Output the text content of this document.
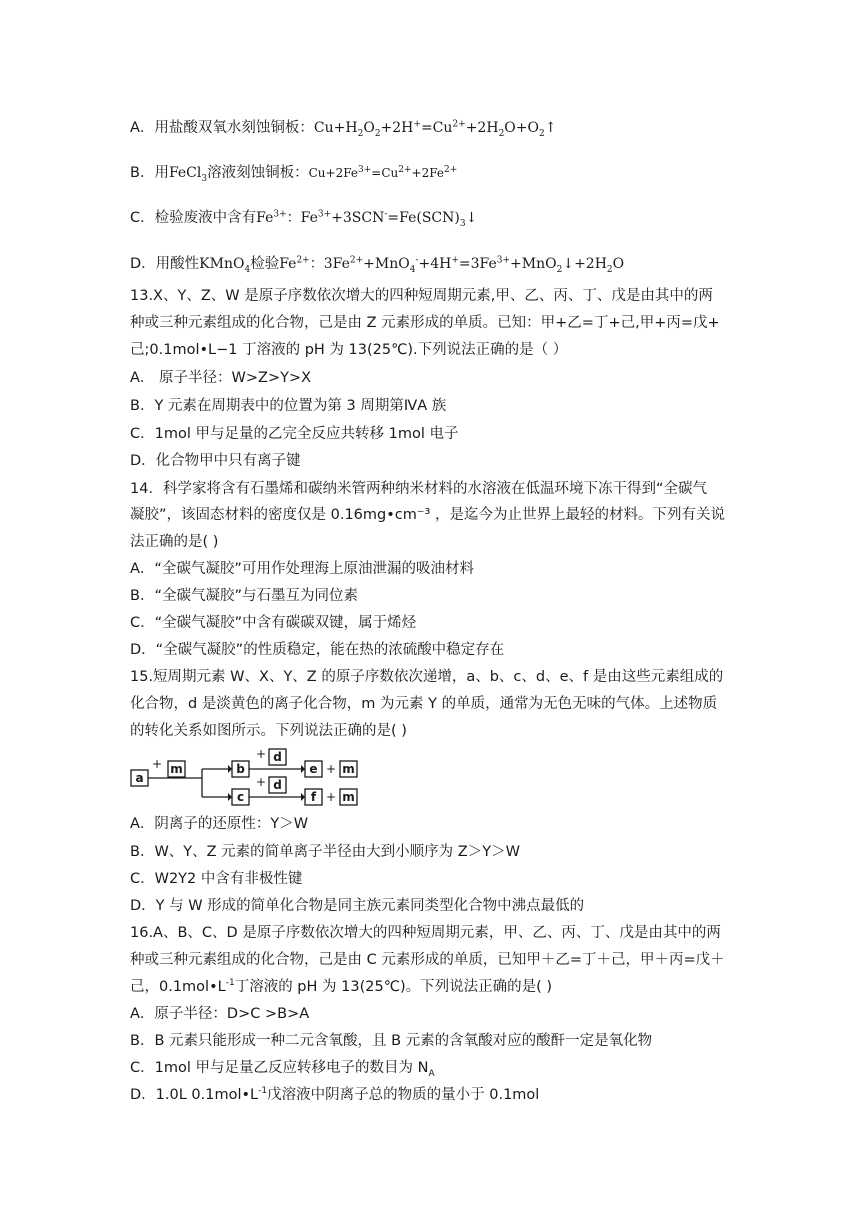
A．用盐酸双氧水刻蚀铜板：$Cu+H_2O_2+2H^+=Cu^{2+}+2H_2O+O_2↑$
B．用FeCl$_3$溶液刻蚀铜板：$Cu+2Fe^{3+}=Cu^{2+}+2Fe^{2+}$
C．检验废液中含有$Fe^{3+}$：$Fe^{3+}+3SCN^-=Fe(SCN)_3↓$
D．用酸性KMnO$_4$检验$Fe^{2+}$：$3Fe^{2+}+MnO_4^-+4H^+=3Fe^{3+}+MnO_2↓+2H_2O$
13.X、Y、Z、W 是原子序数依次增大的四种短周期元素,甲、乙、丙、丁、戊是由其中的两
种或三种元素组成的化合物，己是由 Z 元素形成的单质。已知：甲+乙=丁+己,甲+丙=戊+
己;0.1mol•L−1 丁溶液的 pH 为 13(25℃).下列说法正确的是（ ）
A． 原子半径：W>Z>Y>X
B．Y 元素在周期表中的位置为第 3 周期第ⅣA 族
C．1mol 甲与足量的乙完全反应共转移 1mol 电子
D．化合物甲中只有离子键
14．科学家将含有石墨烯和碳纳米管两种纳米材料的水溶液在低温环境下冻干得到“全碳气
凝胶”，该固态材料的密度仅是 0.16mg•cm⁻³ ，是迄今为止世界上最轻的材料。下列有关说
法正确的是( )
A．“全碳气凝胶”可用作处理海上原油泄漏的吸油材料
B．“全碳气凝胶”与石墨互为同位素
C．“全碳气凝胶”中含有碳碳双键，属于烯烃
D．“全碳气凝胶”的性质稳定，能在热的浓硫酸中稳定存在
15.短周期元素 W、X、Y、Z 的原子序数依次递增，a、b、c、d、e、f 是由这些元素组成的
化合物，d 是淡黄色的离子化合物，m 为元素 Y 的单质，通常为无色无味的气体。上述物质
的转化关系如图所示。下列说法正确的是( )
a
+ m	b
c
+ d
+ d
e
f
+ m
+ m
A．阴离子的还原性：Y＞W
B．W、Y、Z 元素的简单离子半径由大到小顺序为 Z＞Y＞W
C．W2Y2 中含有非极性键
D．Y 与 W 形成的简单化合物是同主族元素同类型化合物中沸点最低的
16.A、B、C、D 是原子序数依次增大的四种短周期元素，甲、乙、丙、丁、戊是由其中的两
种或三种元素组成的化合物，己是由 C 元素形成的单质，已知甲＋乙=丁＋己，甲＋丙=戊＋
己，$0.1mol•L^{-1}$丁溶液的 pH 为 13(25℃)。下列说法正确的是( )
A．原子半径：D>C >B>A
B．B 元素只能形成一种二元含氧酸，且 B 元素的含氧酸对应的酸酐一定是氧化物
C．1mol 甲与足量乙反应转移电子的数目为 $N_A$
D．1.0L $0.1mol•L^{-1}$戊溶液中阴离子总的物质的量小于 0.1mol
